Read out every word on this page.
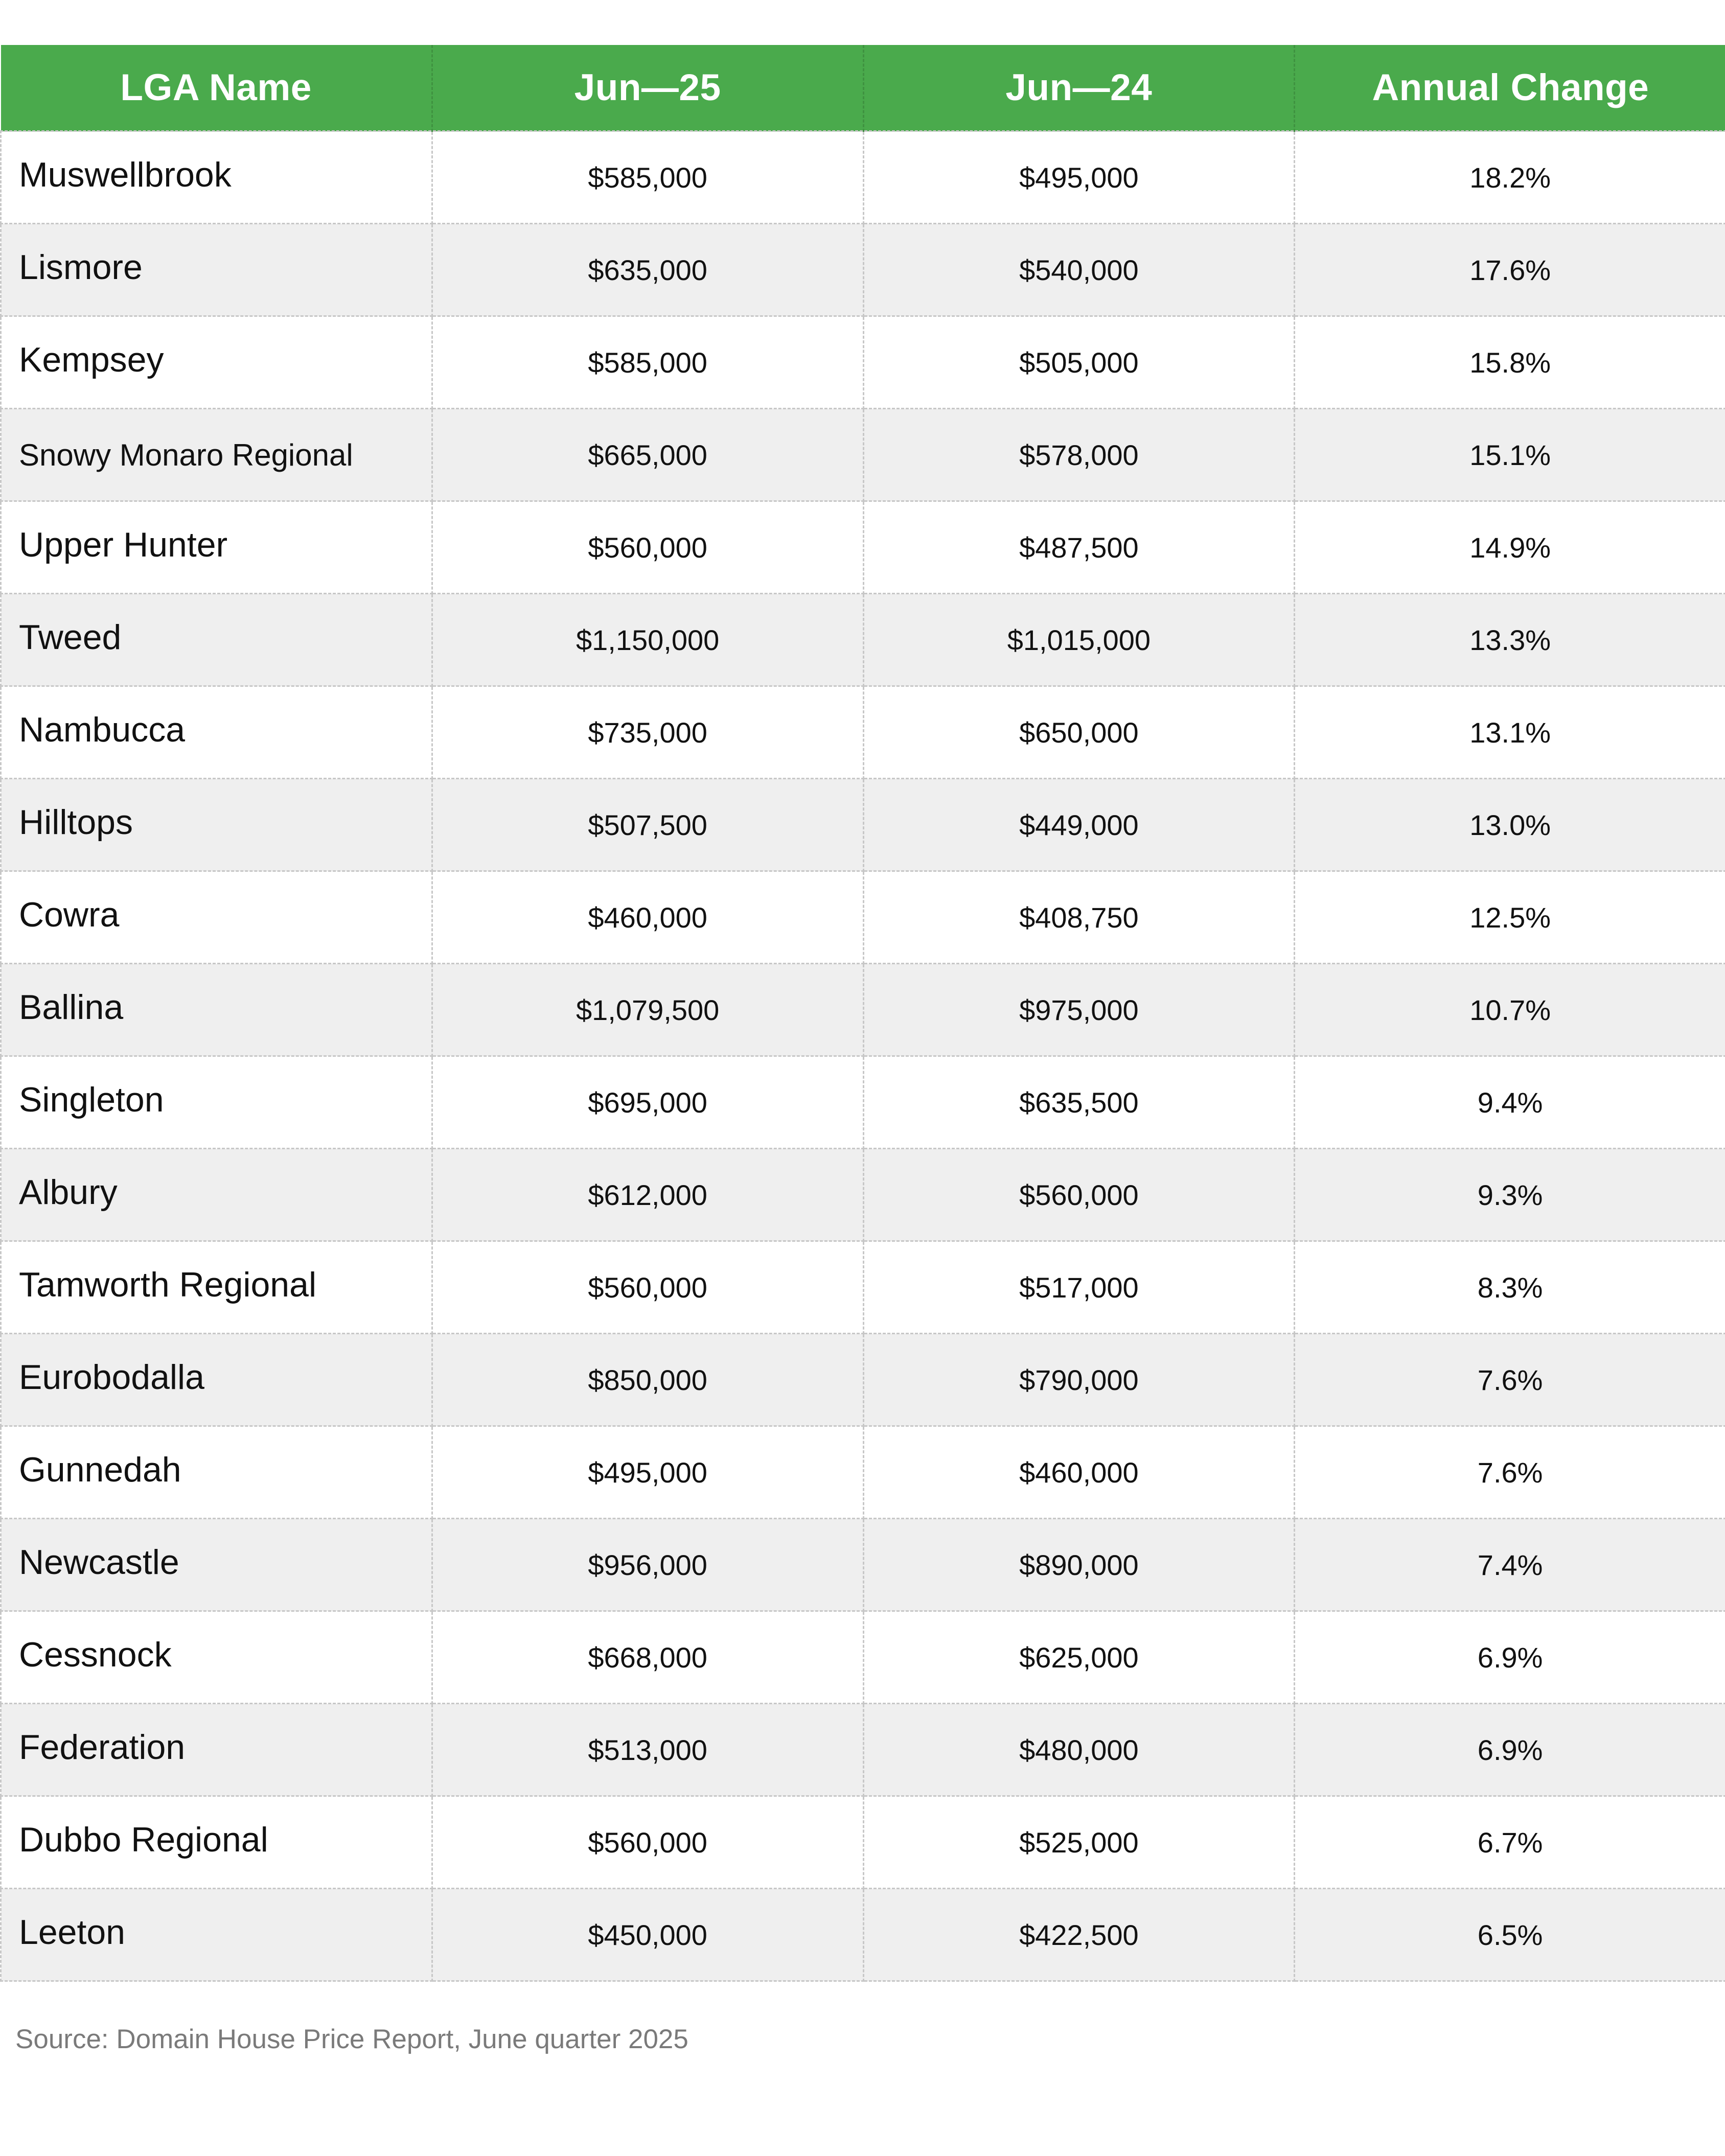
LGA Name	Jun—25	Jun—24	Annual Change
Muswellbrook	$585,000	$495,000	18.2%
Lismore	$635,000	$540,000	17.6%
Kempsey	$585,000	$505,000	15.8%
Snowy Monaro Regional	$665,000	$578,000	15.1%
Upper Hunter	$560,000	$487,500	14.9%
Tweed	$1,150,000	$1,015,000	13.3%
Nambucca	$735,000	$650,000	13.1%
Hilltops	$507,500	$449,000	13.0%
Cowra	$460,000	$408,750	12.5%
Ballina	$1,079,500	$975,000	10.7%
Singleton	$695,000	$635,500	9.4%
Albury	$612,000	$560,000	9.3%
Tamworth Regional	$560,000	$517,000	8.3%
Eurobodalla	$850,000	$790,000	7.6%
Gunnedah	$495,000	$460,000	7.6%
Newcastle	$956,000	$890,000	7.4%
Cessnock	$668,000	$625,000	6.9%
Federation	$513,000	$480,000	6.9%
Dubbo Regional	$560,000	$525,000	6.7%
Leeton	$450,000	$422,500	6.5%
Source: Domain House Price Report, June quarter 2025
